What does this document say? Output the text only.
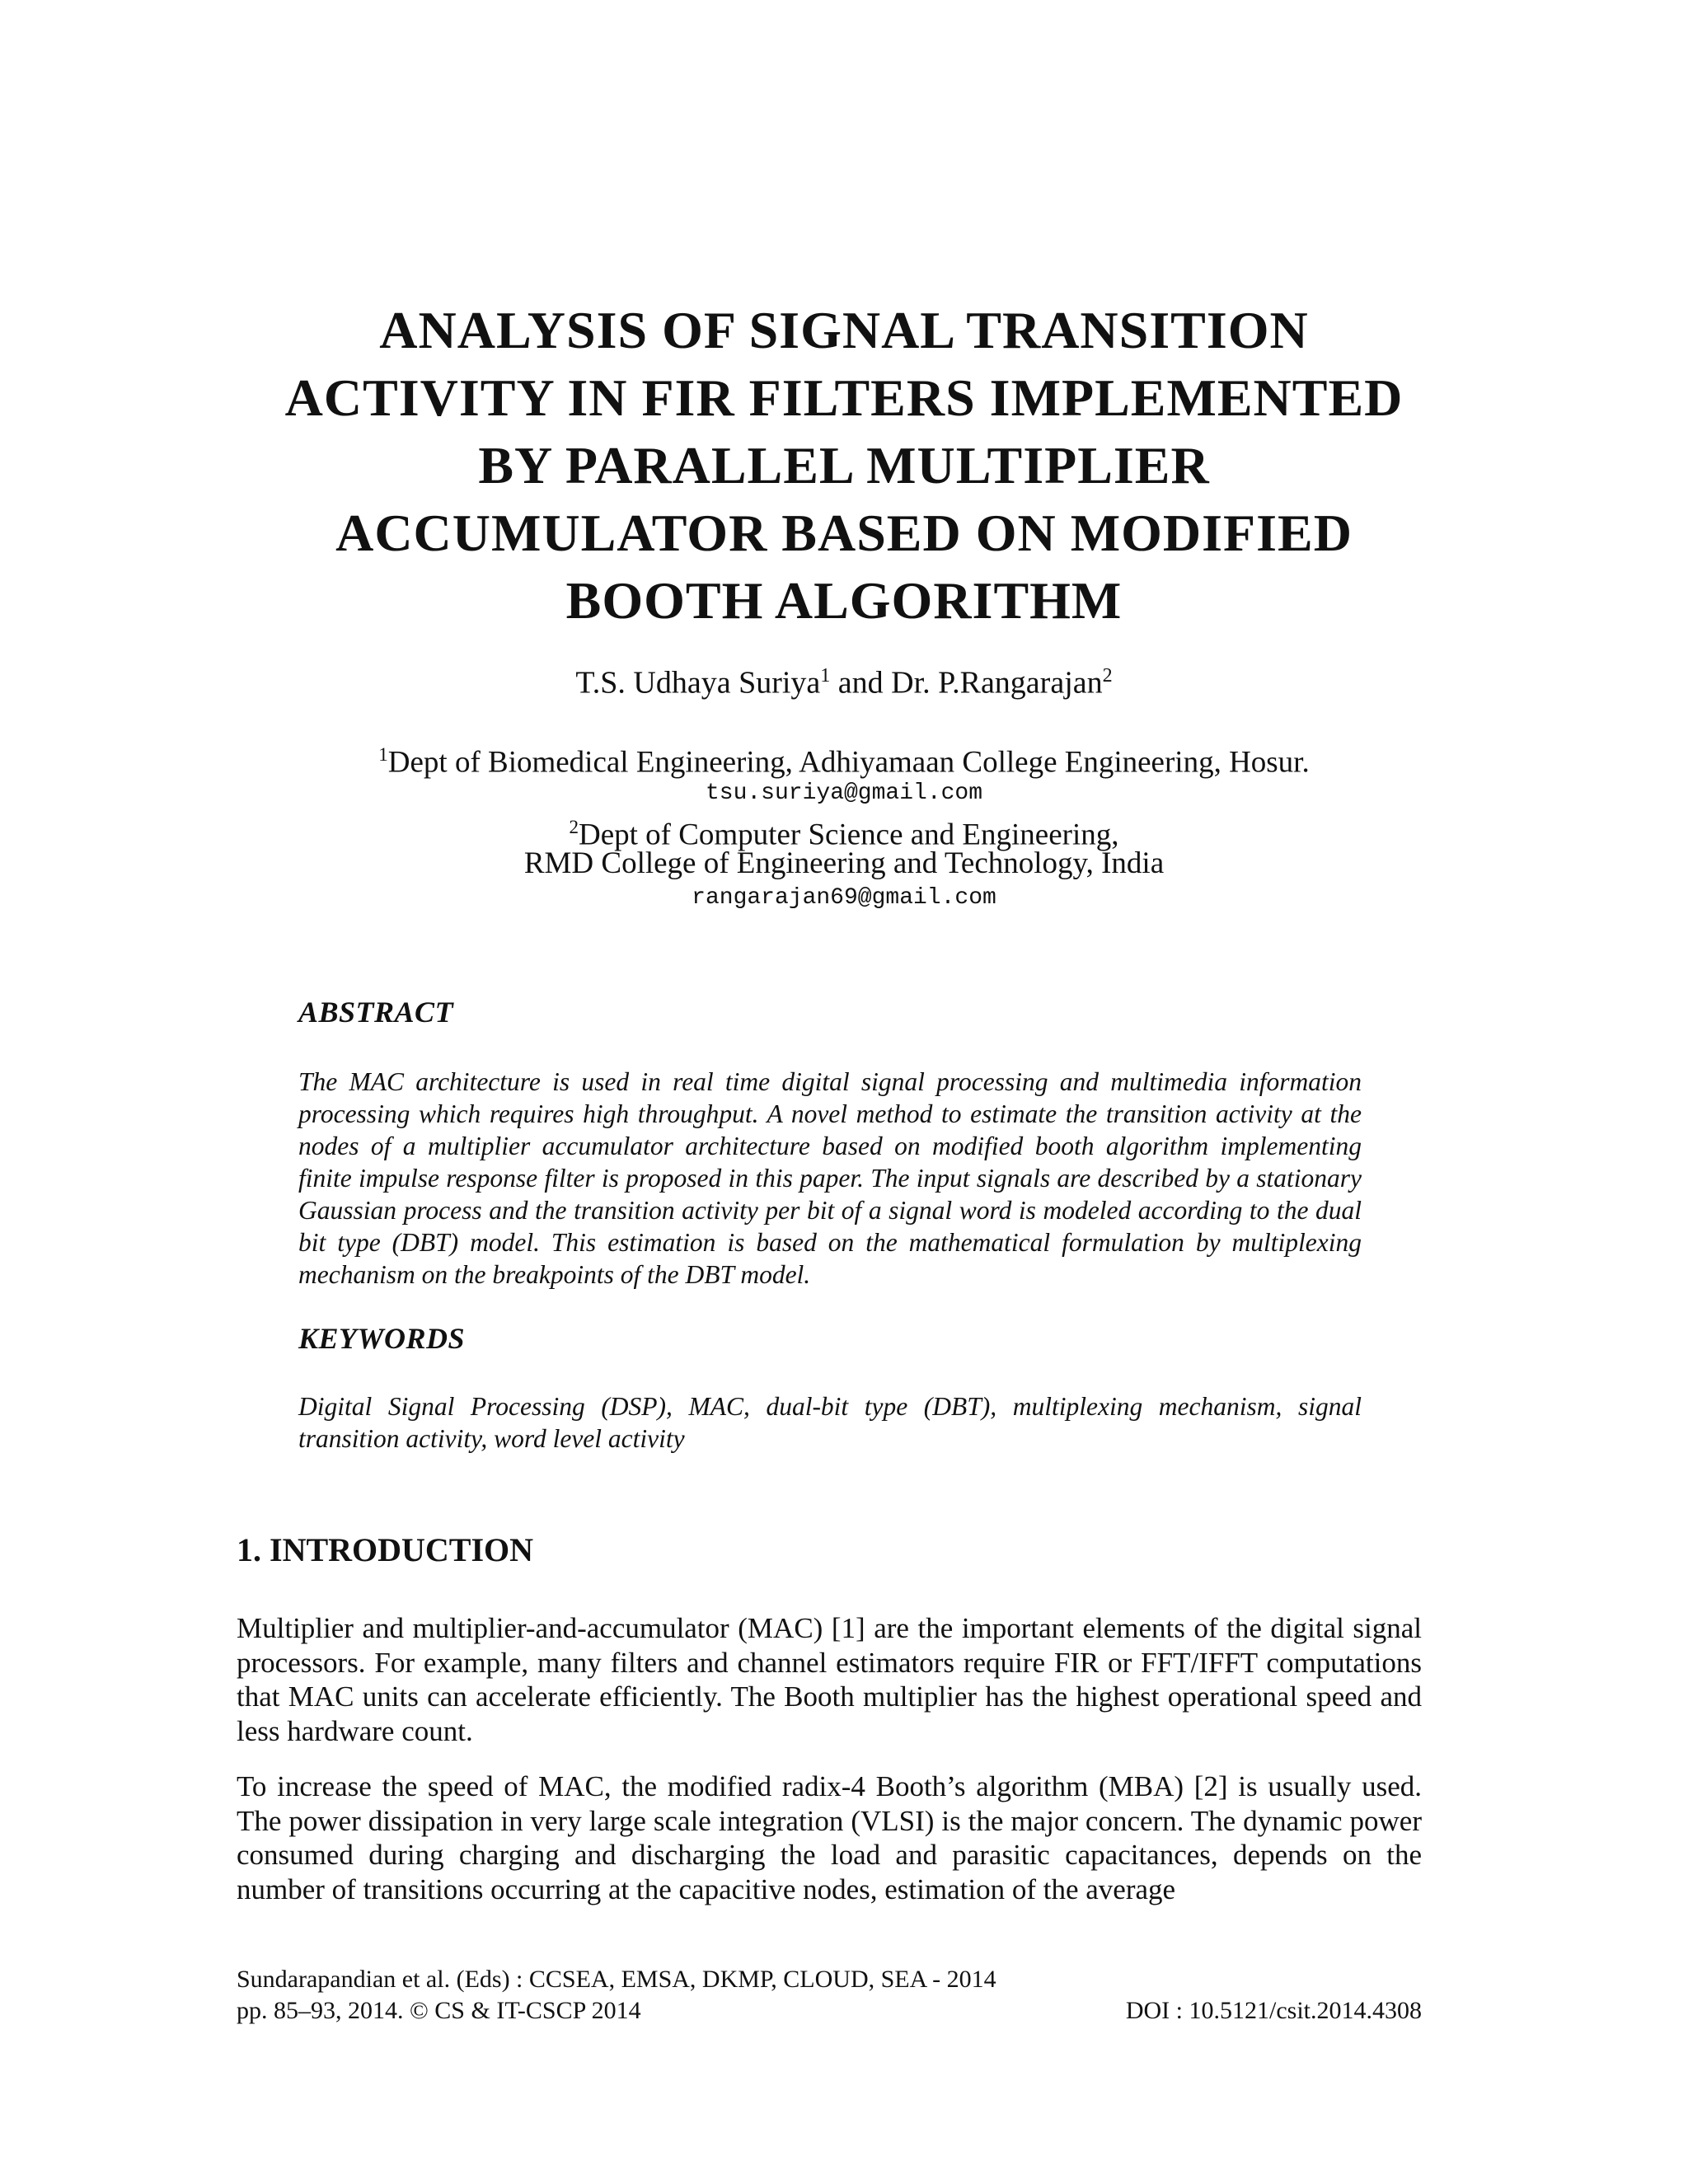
ANALYSIS OF SIGNAL TRANSITION
ACTIVITY IN FIR FILTERS IMPLEMENTED
BY PARALLEL MULTIPLIER
ACCUMULATOR BASED ON MODIFIED
BOOTH ALGORITHM
T.S. Udhaya Suriya$^1$ and Dr. P.Rangarajan$^2$
$^1$Dept of Biomedical Engineering, Adhiyamaan College Engineering, Hosur.
tsu.suriya@gmail.com
$^2$Dept of Computer Science and Engineering,
RMD College of Engineering and Technology, India
rangarajan69@gmail.com
ABSTRACT
The MAC architecture is used in real time digital signal processing and multimedia information processing which requires high throughput. A novel method to estimate the transition activity at the nodes of a multiplier accumulator architecture based on modified booth algorithm implementing finite impulse response filter is proposed in this paper. The input signals are described by a stationary Gaussian process and the transition activity per bit of a signal word is modeled according to the dual bit type (DBT) model. This estimation is based on the mathematical formulation by multiplexing mechanism on the breakpoints of the DBT model.
KEYWORDS
Digital Signal Processing (DSP), MAC, dual-bit type (DBT), multiplexing mechanism, signal transition activity, word level activity
1. INTRODUCTION
Multiplier and multiplier-and-accumulator (MAC) [1] are the important elements of the digital signal processors. For example, many filters and channel estimators require FIR or FFT/IFFT computations that MAC units can accelerate efficiently. The Booth multiplier has the highest operational speed and less hardware count.
To increase the speed of MAC, the modified radix-4 Booth’s algorithm (MBA) [2] is usually used. The power dissipation in very large scale integration (VLSI) is the major concern. The dynamic power consumed during charging and discharging the load and parasitic capacitances, depends on the number of transitions occurring at the capacitive nodes, estimation of the average
Sundarapandian et al. (Eds) : CCSEA, EMSA, DKMP, CLOUD, SEA - 2014
pp. 85–93, 2014. © CS & IT-CSCP 2014	DOI : 10.5121/csit.2014.4308
